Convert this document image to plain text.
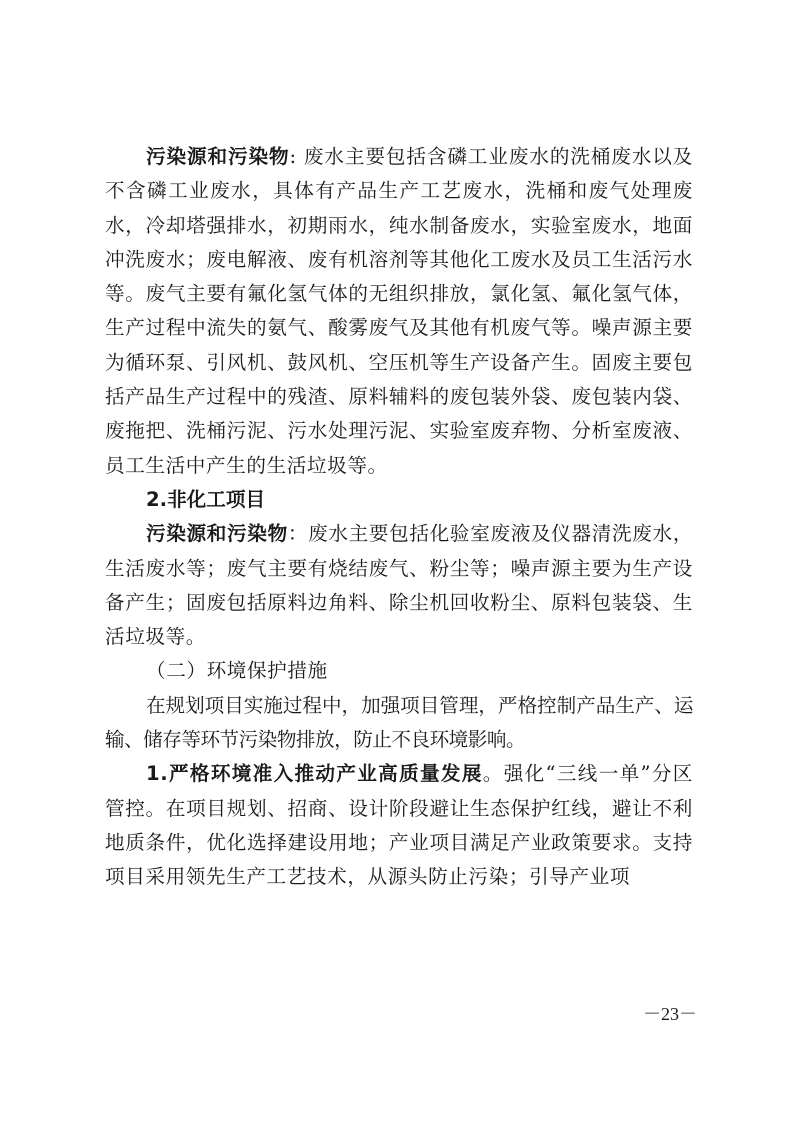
污染源和污染物: 废水主要包括含磷工业废水的洗桶废水以及不含磷工业废水，具体有产品生产工艺废水，洗桶和废气处理废水，冷却塔强排水，初期雨水，纯水制备废水，实验室废水，地面冲洗废水；废电解液、废有机溶剂等其他化工废水及员工生活污水等。废气主要有氟化氢气体的无组织排放，氯化氢、氟化氢气体，生产过程中流失的氨气、酸雾废气及其他有机废气等。噪声源主要为循环泵、引风机、鼓风机、空压机等生产设备产生。固废主要包括产品生产过程中的残渣、原料辅料的废包装外袋、废包装内袋、废拖把、洗桶污泥、污水处理污泥、实验室废弃物、分析室废液、员工生活中产生的生活垃圾等。

2.非化工项目

污染源和污染物：废水主要包括化验室废液及仪器清洗废水，生活废水等；废气主要有烧结废气、粉尘等；噪声源主要为生产设备产生；固废包括原料边角料、除尘机回收粉尘、原料包装袋、生活垃圾等。

（二）环境保护措施

在规划项目实施过程中，加强项目管理，严格控制产品生产、运输、储存等环节污染物排放，防止不良环境影响。

1.严格环境准入推动产业高质量发展。强化“三线一单”分区管控。在项目规划、招商、设计阶段避让生态保护红线，避让不利地质条件，优化选择建设用地；产业项目满足产业政策要求。支持项目采用领先生产工艺技术，从源头防止污染；引导产业项

－23－
